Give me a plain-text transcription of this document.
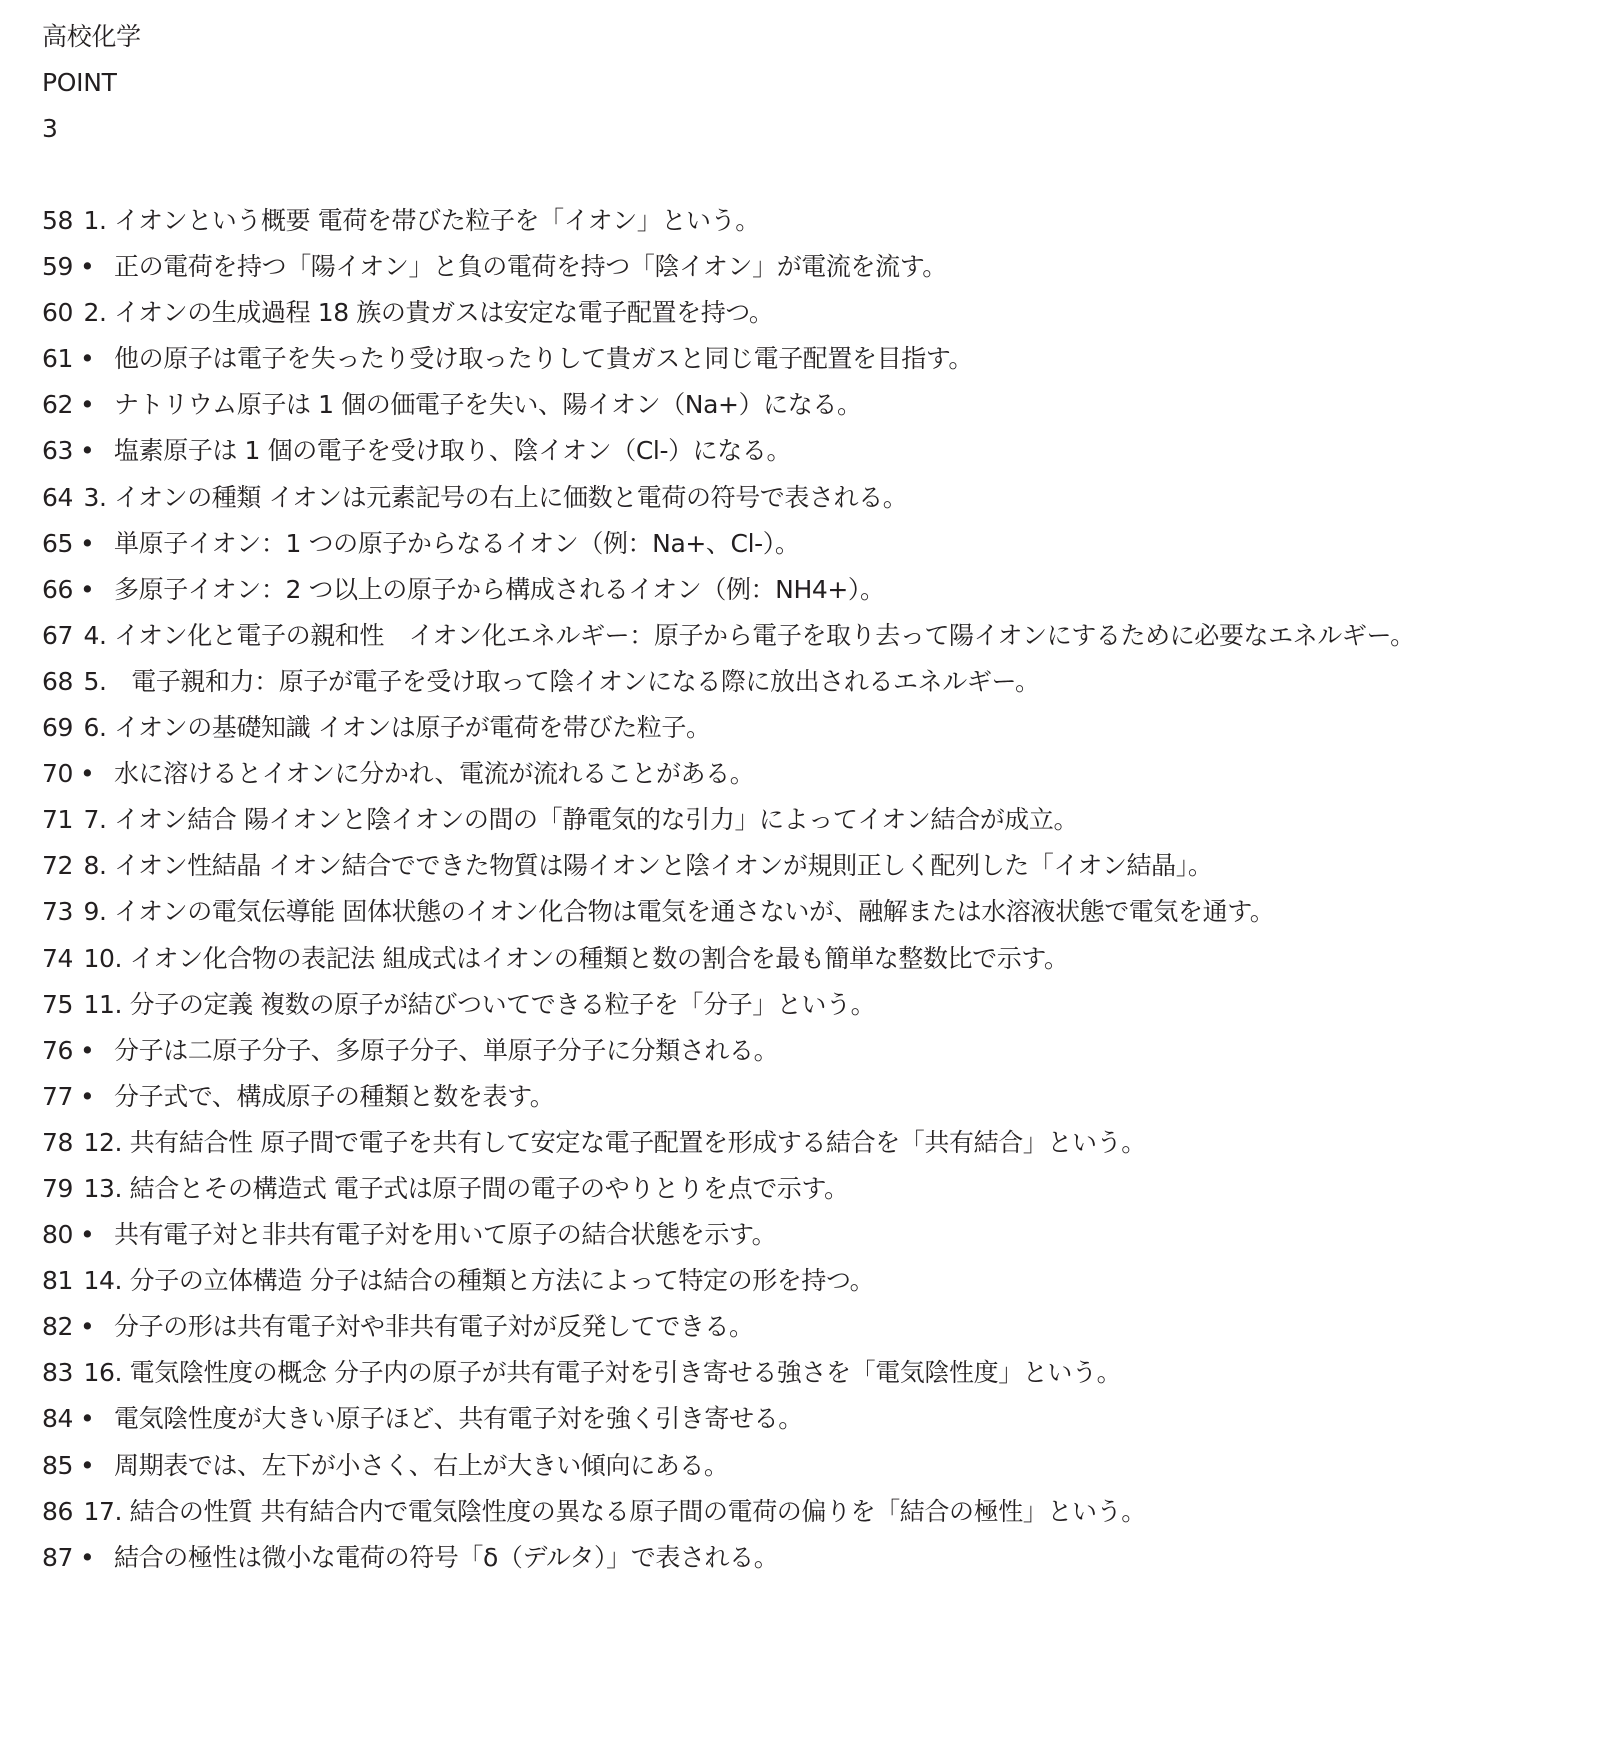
高校化学
POINT
3
58 1. イオンという概要 電荷を帯びた粒子を「イオン」という。
59 • 正の電荷を持つ「陽イオン」と負の電荷を持つ「陰イオン」が電流を流す。
60 2. イオンの生成過程 18 族の貴ガスは安定な電子配置を持つ。
61 • 他の原子は電子を失ったり受け取ったりして貴ガスと同じ電子配置を目指す。
62 • ナトリウム原子は 1 個の価電子を失い、陽イオン（Na+）になる。
63 • 塩素原子は 1 個の電子を受け取り、陰イオン（Cl-）になる。
64 3. イオンの種類 イオンは元素記号の右上に価数と電荷の符号で表される。
65 • 単原子イオン：1 つの原子からなるイオン（例：Na+、Cl-）。
66 • 多原子イオン：2 つ以上の原子から構成されるイオン（例：NH4+）。
67 4. イオン化と電子の親和性　イオン化エネルギー：原子から電子を取り去って陽イオンにするために必要なエネルギー。
68 5.　電子親和力：原子が電子を受け取って陰イオンになる際に放出されるエネルギー。
69 6. イオンの基礎知識 イオンは原子が電荷を帯びた粒子。
70 • 水に溶けるとイオンに分かれ、電流が流れることがある。
71 7. イオン結合 陽イオンと陰イオンの間の「静電気的な引力」によってイオン結合が成立。
72 8. イオン性結晶 イオン結合でできた物質は陽イオンと陰イオンが規則正しく配列した「イオン結晶」。
73 9. イオンの電気伝導能 固体状態のイオン化合物は電気を通さないが、融解または水溶液状態で電気を通す。
74 10. イオン化合物の表記法 組成式はイオンの種類と数の割合を最も簡単な整数比で示す。
75 11. 分子の定義 複数の原子が結びついてできる粒子を「分子」という。
76 • 分子は二原子分子、多原子分子、単原子分子に分類される。
77 • 分子式で、構成原子の種類と数を表す。
78 12. 共有結合性 原子間で電子を共有して安定な電子配置を形成する結合を「共有結合」という。
79 13. 結合とその構造式 電子式は原子間の電子のやりとりを点で示す。
80 • 共有電子対と非共有電子対を用いて原子の結合状態を示す。
81 14. 分子の立体構造 分子は結合の種類と方法によって特定の形を持つ。
82 • 分子の形は共有電子対や非共有電子対が反発してできる。
83 16. 電気陰性度の概念 分子内の原子が共有電子対を引き寄せる強さを「電気陰性度」という。
84 • 電気陰性度が大きい原子ほど、共有電子対を強く引き寄せる。
85 • 周期表では、左下が小さく、右上が大きい傾向にある。
86 17. 結合の性質 共有結合内で電気陰性度の異なる原子間の電荷の偏りを「結合の極性」という。
87 • 結合の極性は微小な電荷の符号「δ（デルタ）」で表される。
